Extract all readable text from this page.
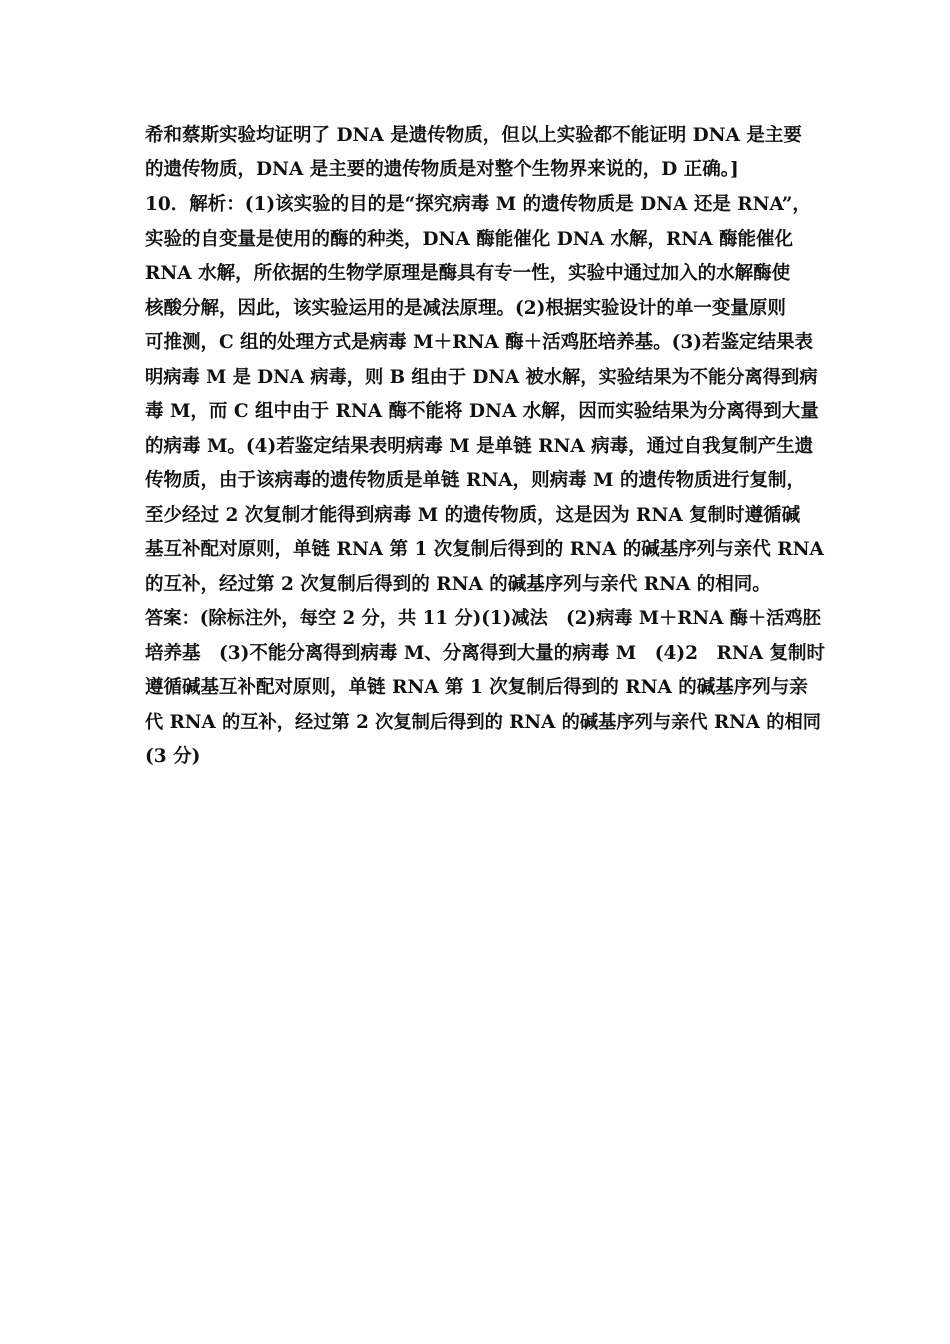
希和蔡斯实验均证明了 DNA 是遗传物质，但以上实验都不能证明 DNA 是主要
的遗传物质，DNA 是主要的遗传物质是对整个生物界来说的，D 正确。]
10．解析：(1)该实验的目的是“探究病毒 M 的遗传物质是 DNA 还是 RNA”，
实验的自变量是使用的酶的种类，DNA 酶能催化 DNA 水解，RNA 酶能催化
RNA 水解，所依据的生物学原理是酶具有专一性，实验中通过加入的水解酶使
核酸分解，因此，该实验运用的是减法原理。(2)根据实验设计的单一变量原则
可推测，C 组的处理方式是病毒 M＋RNA 酶＋活鸡胚培养基。(3)若鉴定结果表
明病毒 M 是 DNA 病毒，则 B 组由于 DNA 被水解，实验结果为不能分离得到病
毒 M，而 C 组中由于 RNA 酶不能将 DNA 水解，因而实验结果为分离得到大量
的病毒 M。(4)若鉴定结果表明病毒 M 是单链 RNA 病毒，通过自我复制产生遗
传物质，由于该病毒的遗传物质是单链 RNA，则病毒 M 的遗传物质进行复制，
至少经过 2 次复制才能得到病毒 M 的遗传物质，这是因为 RNA 复制时遵循碱
基互补配对原则，单链 RNA 第 1 次复制后得到的 RNA 的碱基序列与亲代 RNA
的互补，经过第 2 次复制后得到的 RNA 的碱基序列与亲代 RNA 的相同。
答案：(除标注外，每空 2 分，共 11 分)(1)减法　(2)病毒 M＋RNA 酶＋活鸡胚
培养基　(3)不能分离得到病毒 M、分离得到大量的病毒 M　(4)2　RNA 复制时
遵循碱基互补配对原则，单链 RNA 第 1 次复制后得到的 RNA 的碱基序列与亲
代 RNA 的互补，经过第 2 次复制后得到的 RNA 的碱基序列与亲代 RNA 的相同
(3 分)
